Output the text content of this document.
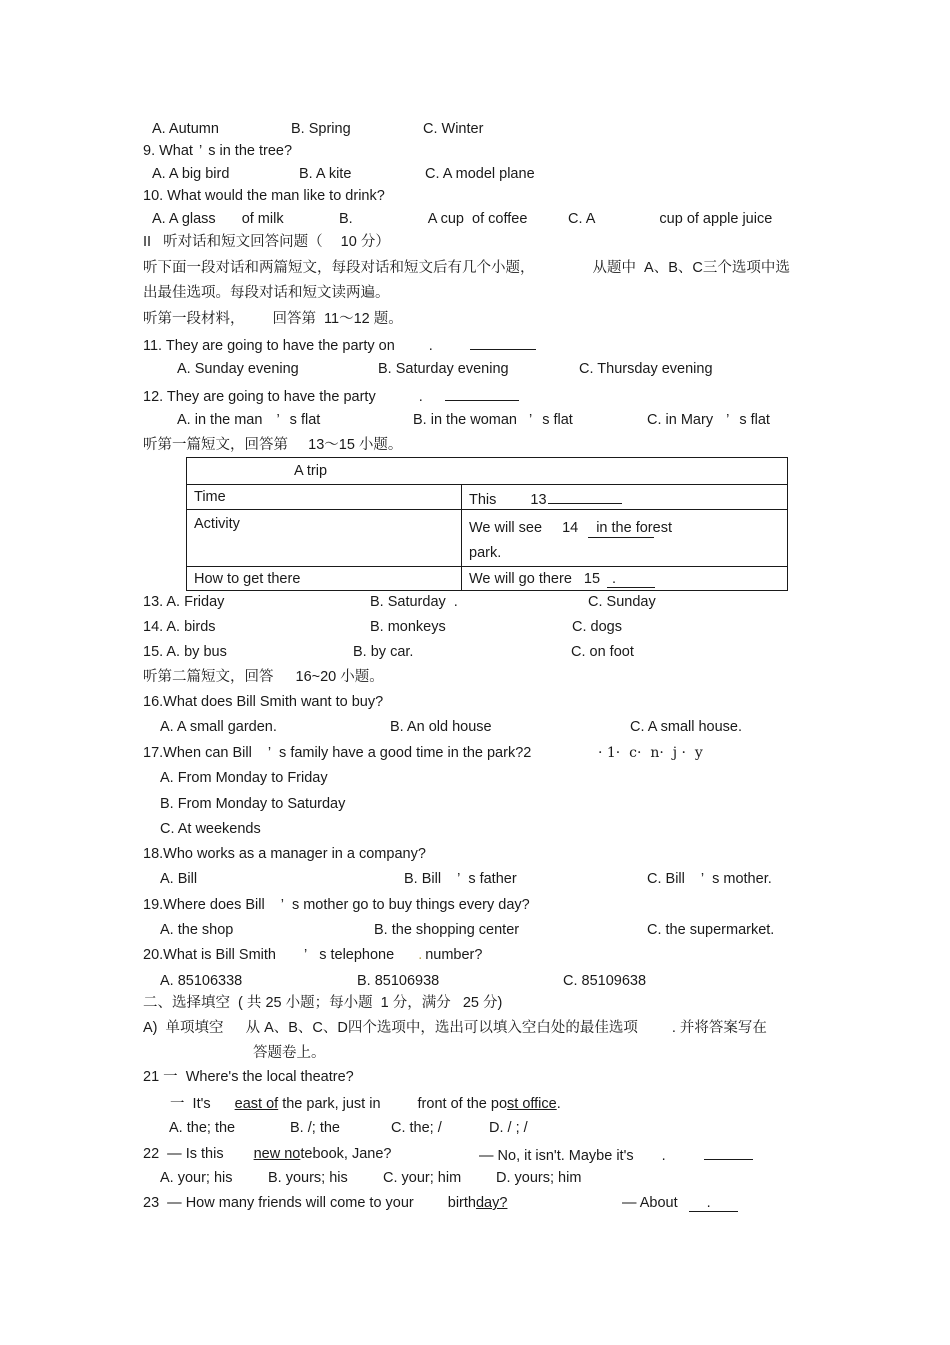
A. Autumn	B. Spring	C. Winter
9. What ’ s in the tree?
A. A big bird	B. A kite	C. A model plane
10. What would the man like to drink?
A. A glass of milk	B.	A cup  of coffee	C. A	cup of apple juice
II   听对话和短文回答问题（ 10 分）
听下面一段对话和两篇短文，每段对话和短文后有几个小题，	从题中  A、B、C三个选项中选
出最佳选项。每段对话和短文读两遍。
听第一段材料， 回答第  11～12 题。
11. They are going to have the party on .
A. Sunday evening	B. Saturday evening	C. Thursday evening
12. They are going to have the party	.
A. in the man ’ s flat	B. in the woman ’ s flat	C. in Mary ’ s flat
听第一篇短文，回答第     13～15 小题。
A trip	
Time	This 13
Activity	We will see 14 in the forest
park.
How to get there	We will go there 15 .
13. A. Friday	B. Saturday .	C. Sunday
14. A. birds	B. monkeys	C. dogs
15. A. by bus	B. by car.	C. on foot
听第二篇短文，回答 16~20 小题。
16.What does Bill Smith want to buy?
A. A small garden.	B. An old house	C. A small house.
17.When can Bill ’ s family have a good time in the park?2	· 1·  c·  n·  j ·  y
A. From Monday to Friday
B. From Monday to Saturday
C. At weekends
18.Who works as a manager in a company?
A. Bill	B. Bill ’ s father	C. Bill ’ s mother.
19.Where does Bill ’ s mother go to buy things every day?
A. the shop	B. the shopping center	C. the supermarket.
20.What is Bill Smith ’ s telephone . number?
A. 85106338	B. 85106938	C. 85109638
二、选择填空  ( 共 25 小题；每小题  1 分，满分   25 分)
A)  单项填空 从 A、B、C、D四个选项中，选出可以填入空白处的最佳选项 . 并将答案写在
答题卷上。
21 一  Where's the local theatre?
一  It's east of the park, just in	front of the post office.
A. the; the	B. /; the	C. the; /	D. / ; /
22  — Is this new notebook, Jane?	— No, it isn't. Maybe it's .
A. your; his B. yours; his C. your; him D. yours; him
23  — How many friends will come to your birthday?	— About .
